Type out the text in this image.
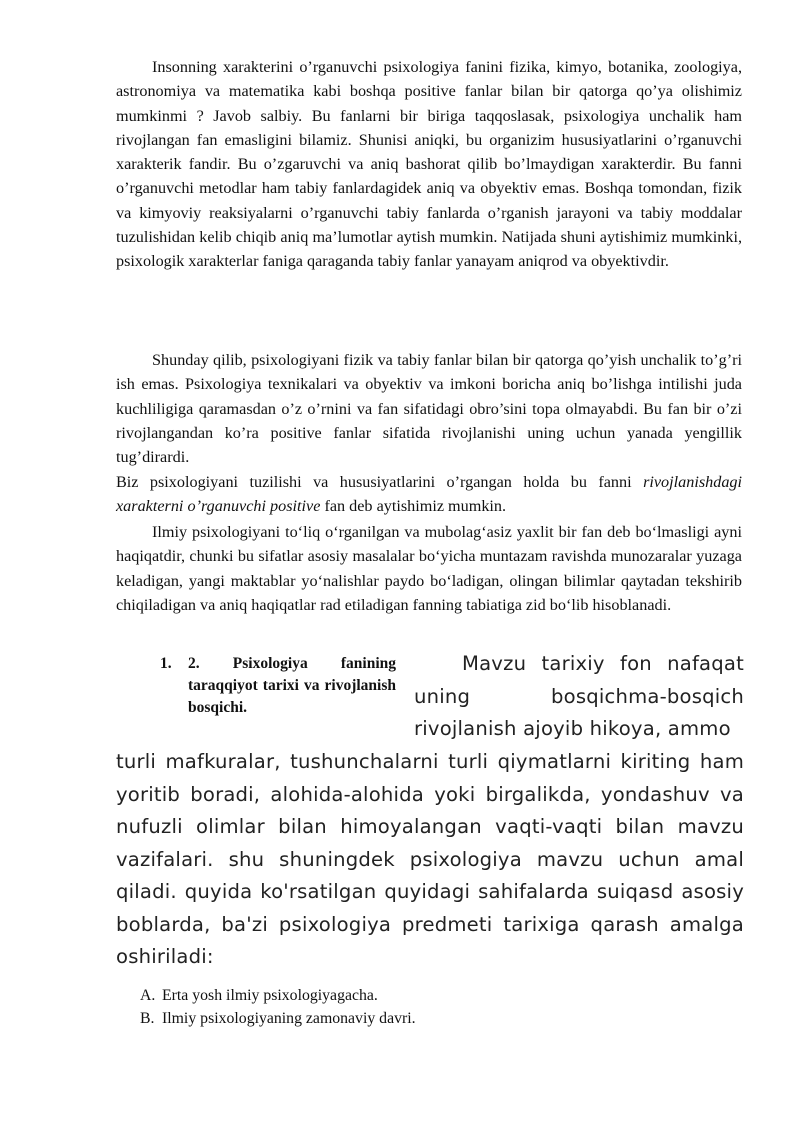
Insonning xarakterini o’rganuvchi psixologiya fanini fizika, kimyo, botanika, zoologiya, astronomiya va matematika kabi boshqa positive fanlar bilan bir qatorga qo’ya olishimiz mumkinmi ? Javob salbiy. Bu fanlarni bir biriga taqqoslasak, psixologiya unchalik ham rivojlangan fan emasligini bilamiz. Shunisi aniqki, bu organizim hususiyatlarini o’rganuvchi xarakterik fandir. Bu o’zgaruvchi va aniq bashorat qilib bo’lmaydigan xarakterdir. Bu fanni o’rganuvchi metodlar ham tabiy fanlardagidek aniq va obyektiv emas. Boshqa tomondan, fizik va kimyoviy reaksiyalarni o’rganuvchi tabiy fanlarda o’rganish jarayoni va tabiy moddalar tuzulishidan kelib chiqib aniq ma’lumotlar aytish mumkin. Natijada shuni aytishimiz mumkinki, psixologik xarakterlar faniga qaraganda tabiy fanlar yanayam aniqrod va obyektivdir.

Shunday qilib, psixologiyani fizik va tabiy fanlar bilan bir qatorga qo’yish unchalik to’g’ri ish emas. Psixologiya texnikalari va obyektiv va imkoni boricha aniq bo’lishga intilishi juda kuchliligiga qaramasdan o’z o’rnini va fan sifatidagi obro’sini topa olmayabdi. Bu fan bir o’zi rivojlangandan ko’ra positive fanlar sifatida rivojlanishi uning uchun yanada yengillik tug’dirardi.

Biz psixologiyani tuzilishi va hususiyatlarini o’rgangan holda bu fanni rivojlanishdagi xarakterni o’rganuvchi positive fan deb aytishimiz mumkin.

Ilmiy psixologiyani to‘liq o‘rganilgan va mubolag‘asiz yaxlit bir fan deb bo‘lmasligi ayni haqiqatdir, chunki bu sifatlar asosiy masalalar bo‘yicha muntazam ravishda munozaralar yuzaga keladigan, yangi maktablar yo‘nalishlar paydo bo‘ladigan, olingan bilimlar qaytadan tekshirib chiqiladigan va aniq haqiqatlar rad etiladigan fanning tabiatiga zid bo‘lib hisoblanadi.

1. 2. Psixologiya fanining taraqqiyot tarixi va rivojlanish bosqichi.

Mavzu tarixiy fon nafaqat uning bosqichma-bosqich rivojlanish ajoyib hikoya, ammo

turli mafkuralar, tushunchalarni turli qiymatlarni kiriting ham yoritib boradi, alohida-alohida yoki birgalikda, yondashuv va nufuzli olimlar bilan himoyalangan vaqti-vaqti bilan mavzu vazifalari. shu shuningdek psixologiya mavzu uchun amal qiladi. quyida ko'rsatilgan quyidagi sahifalarda suiqasd asosiy boblarda, ba'zi psixologiya predmeti tarixiga qarash amalga oshiriladi:

A. Erta yosh ilmiy psixologiyagacha.
B. Ilmiy psixologiyaning zamonaviy davri.
